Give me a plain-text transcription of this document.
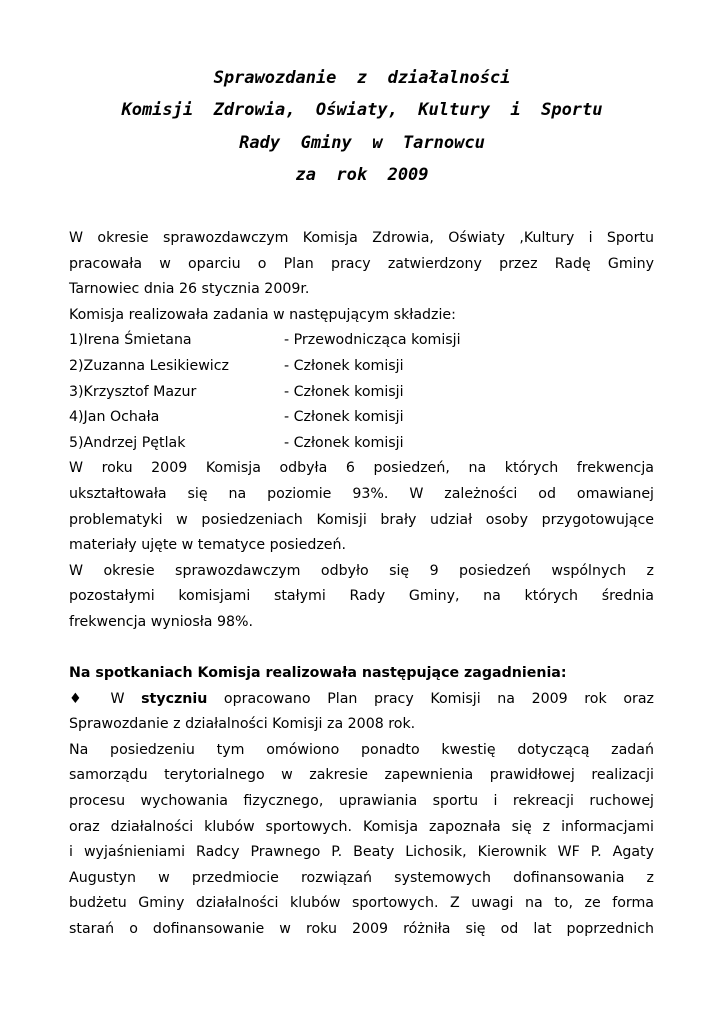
Sprawozdanie  z  działalności
Komisji  Zdrowia,  Oświaty,  Kultury  i  Sportu
Rady  Gminy  w  Tarnowcu
za  rok  2009
W okresie sprawozdawczym Komisja Zdrowia, Oświaty ,Kultury i Sportu
pracowała w oparciu o Plan pracy zatwierdzony przez Radę Gminy
Tarnowiec dnia 26 stycznia 2009r.
Komisja realizowała zadania w następującym składzie:
1)Irena Śmietana	- Przewodnicząca komisji
2)Zuzanna Lesikiewicz	- Członek komisji
3)Krzysztof Mazur	- Członek komisji
4)Jan Ochała	- Członek komisji
5)Andrzej Pętlak	- Członek komisji
W roku 2009 Komisja odbyła 6 posiedzeń, na których frekwencja
ukształtowała się na poziomie 93%. W zależności od omawianej
problematyki w posiedzeniach Komisji brały udział osoby przygotowujące
materiały ujęte w tematyce posiedzeń.
W okresie sprawozdawczym odbyło się 9 posiedzeń wspólnych z
pozostałymi komisjami stałymi Rady Gminy, na których średnia
frekwencja wyniosła 98%.
Na spotkaniach Komisja realizowała następujące zagadnienia:
♦ W styczniu opracowano Plan pracy Komisji na 2009 rok oraz
Sprawozdanie z działalności Komisji za 2008 rok.
Na posiedzeniu tym omówiono ponadto kwestię dotyczącą zadań
samorządu terytorialnego w zakresie zapewnienia prawidłowej realizacji
procesu wychowania fizycznego, uprawiania sportu i rekreacji ruchowej
oraz działalności klubów sportowych. Komisja zapoznała się z informacjami
i wyjaśnieniami Radcy Prawnego P. Beaty Lichosik, Kierownik WF P. Agaty
Augustyn w przedmiocie rozwiązań systemowych dofinansowania z
budżetu Gminy działalności klubów sportowych. Z uwagi na to, ze forma
starań o dofinansowanie w roku 2009 różniła się od lat poprzednich
